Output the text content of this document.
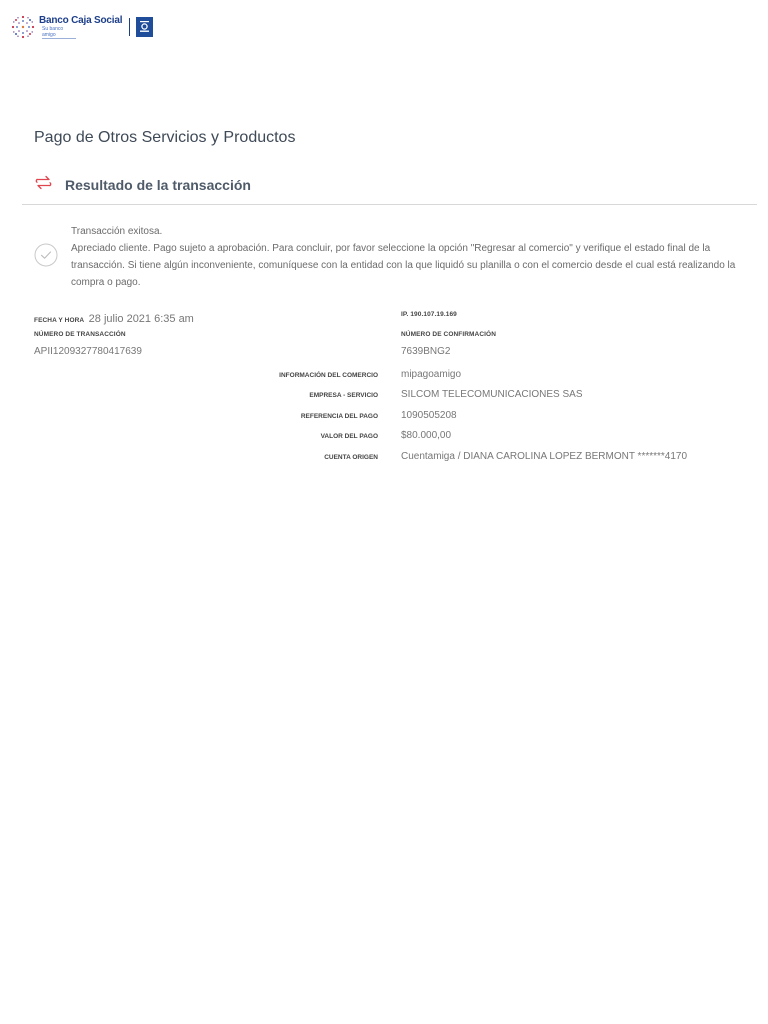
Banco Caja Social
Su banco amigo
Pago de Otros Servicios y Productos
Resultado de la transacción

Transacción exitosa.

Apreciado cliente. Pago sujeto a aprobación. Para concluir, por favor seleccione la opción "Regresar al comercio" y verifique el estado final de la transacción. Si tiene algún inconveniente, comuníquese con la entidad con la que liquidó su planilla o con el comercio desde el cual está realizando la compra o pago.

FECHA Y HORA 28 julio 2021 6:35 am
NÚMERO DE TRANSACCIÓN
APII1209327780417639
IP. 190.107.19.169
NÚMERO DE CONFIRMACIÓN
7639BNG2
INFORMACIÓN DEL COMERCIO mipagoamigo
EMPRESA - SERVICIO SILCOM TELECOMUNICACIONES SAS
REFERENCIA DEL PAGO 1090505208
VALOR DEL PAGO $80.000,00
CUENTA ORIGEN Cuentamiga / DIANA CAROLINA LOPEZ BERMONT *******4170
